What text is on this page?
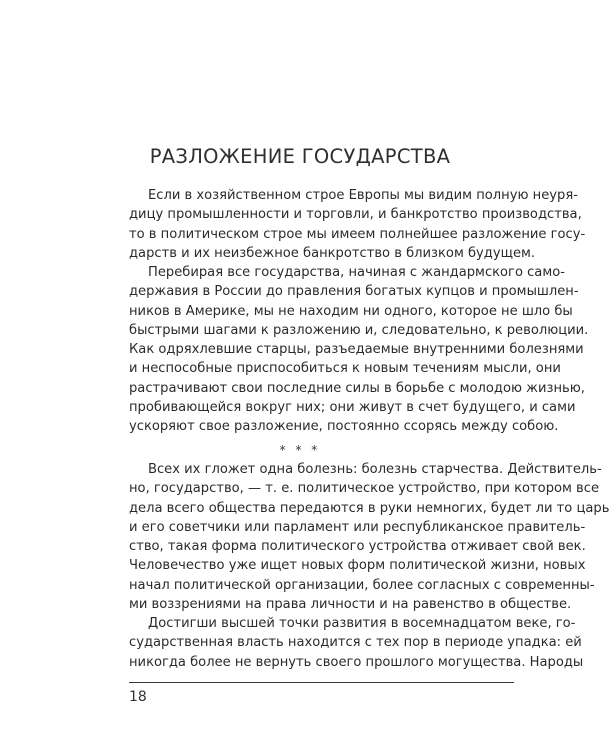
РАЗЛОЖЕНИЕ ГОСУДАРСТВА
Если в хозяйственном строе Европы мы видим полную неуря-
дицу промышленности и торговли, и банкротство производства,
то в политическом строе мы имеем полнейшее разложение госу-
дарств и их неизбежное банкротство в близком будущем.
Перебирая все государства, начиная с жандармского само-
державия в России до правления богатых купцов и промышлен-
ников в Америке, мы не находим ни одного, которое не шло бы
быстрыми шагами к разложению и, следовательно, к революции.
Как одряхлевшие старцы, разъедаемые внутренними болезнями
и неспособные приспособиться к новым течениям мысли, они
растрачивают свои последние силы в борьбе с молодою жизнью,
пробивающейся вокруг них; они живут в счет будущего, и сами
ускоряют свое разложение, постоянно ссорясь между собою.
* * *
Всех их гложет одна болезнь: болезнь старчества. Действитель-
но, государство, — т. е. политическое устройство, при котором все
дела всего общества передаются в руки немногих, будет ли то царь
и его советчики или парламент или республиканское правитель-
ство, такая форма политического устройства отживает свой век.
Человечество уже ищет новых форм политической жизни, новых
начал политической организации, более согласных с современны-
ми воззрениями на права личности и на равенство в обществе.
Достигши высшей точки развития в восемнадцатом веке, го-
сударственная власть находится с тех пор в периоде упадка: ей
никогда более не вернуть своего прошлого могущества. Народы
18
